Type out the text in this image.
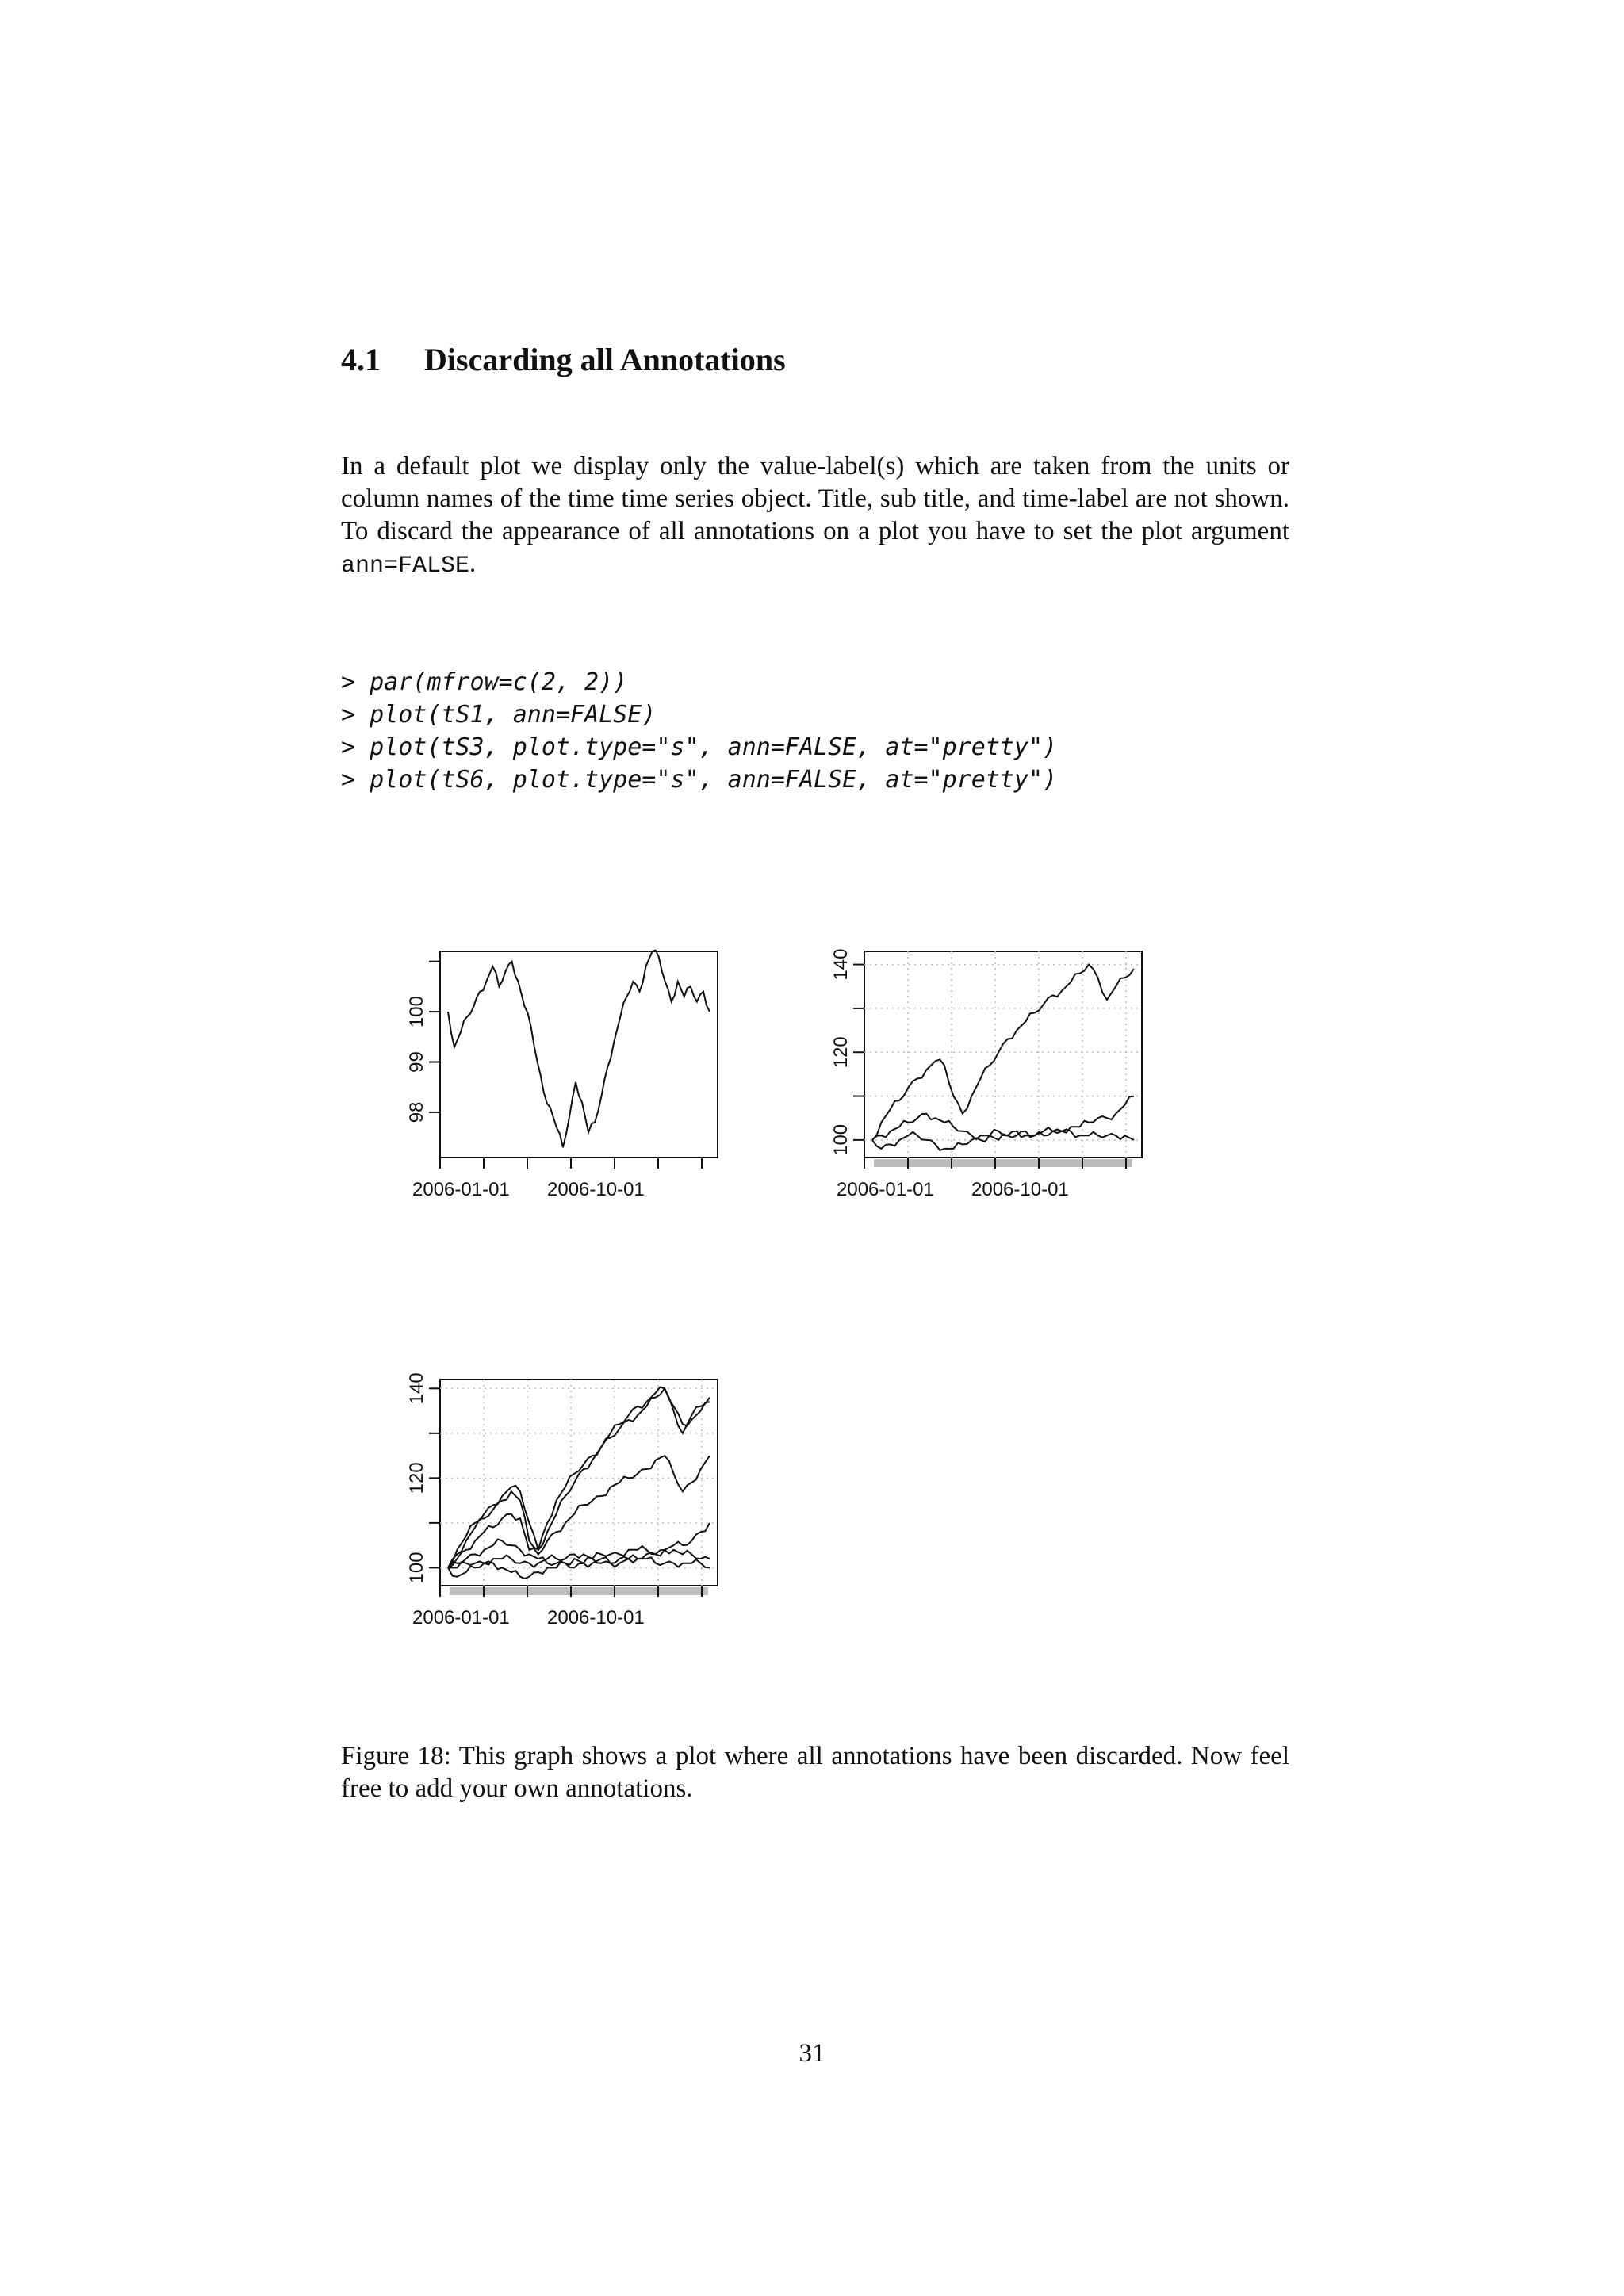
4.1 Discarding all Annotations

In a default plot we display only the value-label(s) which are taken from the units or column names of the time time series object. Title, sub title, and time-label are not shown. To discard the appearance of all annotations on a plot you have to set the plot argument ann=FALSE.

> par(mfrow=c(2, 2))
> plot(tS1, ann=FALSE)
> plot(tS3, plot.type="s", ann=FALSE, at="pretty")
> plot(tS6, plot.type="s", ann=FALSE, at="pretty")
98
99
100
2006-01-01 2006-10-01
100
120
140
2006-01-01 2006-10-01
100
120
140
2006-01-01 2006-10-01
Figure 18: This graph shows a plot where all annotations have been discarded. Now feel free to add your own annotations.
31
